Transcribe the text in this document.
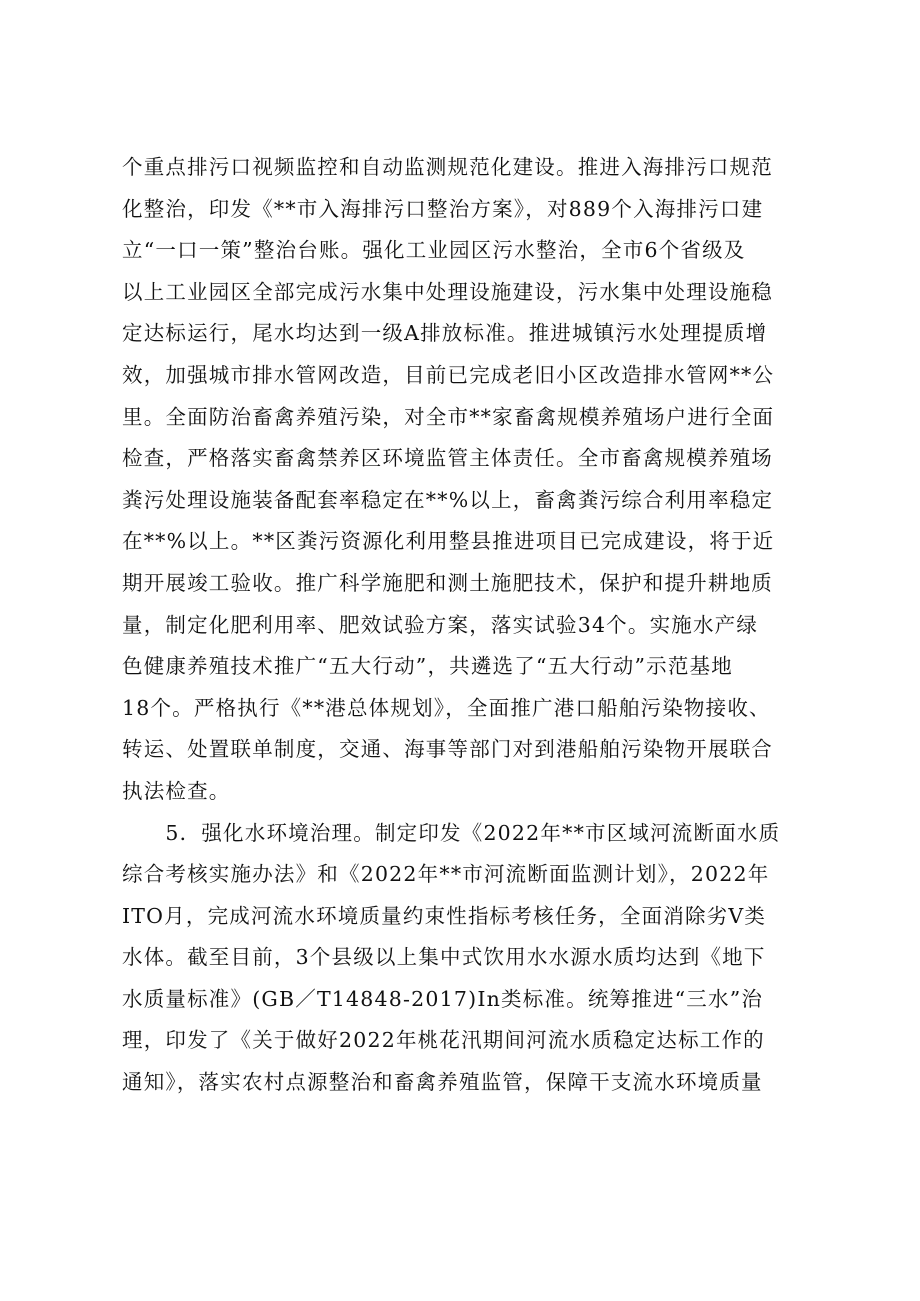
个重点排污口视频监控和自动监测规范化建设。推进入海排污口规范
化整治，印发《**市入海排污口整治方案》，对889个入海排污口建
立“一口一策”整治台账。强化工业园区污水整治，全市6个省级及
以上工业园区全部完成污水集中处理设施建设，污水集中处理设施稳
定达标运行，尾水均达到一级A排放标准。推进城镇污水处理提质增
效，加强城市排水管网改造，目前已完成老旧小区改造排水管网**公
里。全面防治畜禽养殖污染，对全市**家畜禽规模养殖场户进行全面
检查，严格落实畜禽禁养区环境监管主体责任。全市畜禽规模养殖场
粪污处理设施装备配套率稳定在**%以上，畜禽粪污综合利用率稳定
在**%以上。**区粪污资源化利用整县推进项目已完成建设，将于近
期开展竣工验收。推广科学施肥和测土施肥技术，保护和提升耕地质
量，制定化肥利用率、肥效试验方案，落实试验34个。实施水产绿
色健康养殖技术推广“五大行动”，共遴选了“五大行动”示范基地
18个。严格执行《**港总体规划》，全面推广港口船舶污染物接收、
转运、处置联单制度，交通、海事等部门对到港船舶污染物开展联合
执法检查。
　　5．强化水环境治理。制定印发《2022年**市区域河流断面水质
综合考核实施办法》和《2022年**市河流断面监测计划》，2022年
ITO月，完成河流水环境质量约束性指标考核任务，全面消除劣V类
水体。截至目前，3个县级以上集中式饮用水水源水质均达到《地下
水质量标准》(GB／T14848-2017)In类标准。统筹推进“三水”治
理，印发了《关于做好2022年桃花汛期间河流水质稳定达标工作的
通知》，落实农村点源整治和畜禽养殖监管，保障干支流水环境质量
